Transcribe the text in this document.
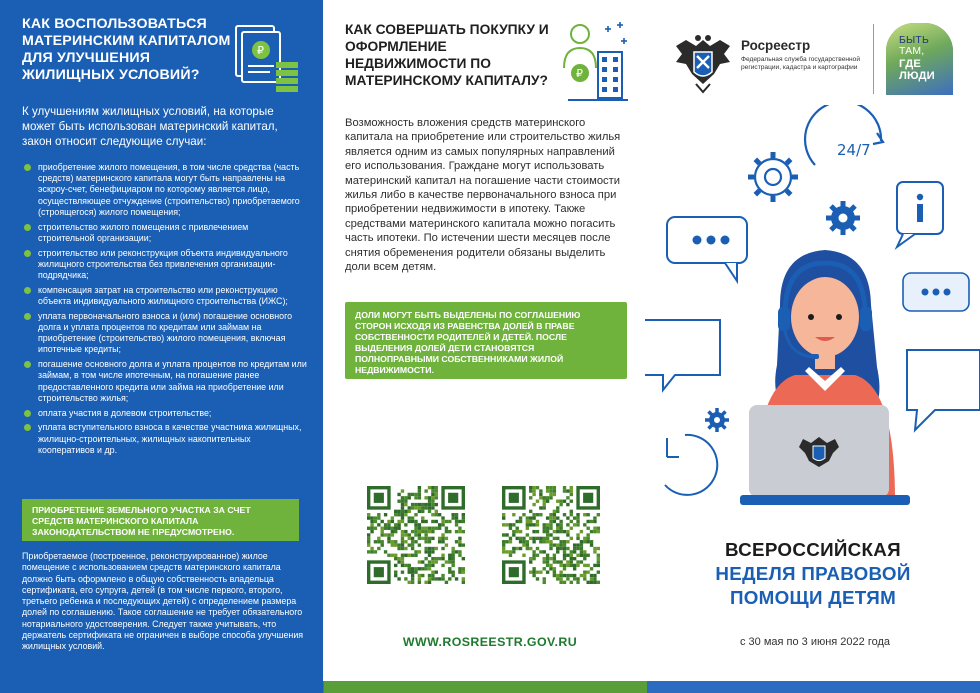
КАК ВОСПОЛЬЗОВАТЬСЯ МАТЕРИНСКИМ КАПИТАЛОМ ДЛЯ УЛУЧШЕНИЯ ЖИЛИЩНЫХ УСЛОВИЙ?
₽
К улучшениям жилищных условий, на которые может быть использован материнский капитал, закон относит следующие случаи:
приобретение жилого помещения, в том числе средства (часть средств) материнского капитала могут быть направлены на эскроу-счет, бенефициаром по которому является лицо, осуществляющее отчуждение (строительство) приобретаемого (строящегося) жилого помещения;
строительство жилого помещения с привлечением строительной организации;
строительство или реконструкция объекта индивидуального жилищного строительства без привлечения организации-подрядчика;
компенсация затрат на строительство или реконструкцию объекта индивидуального жилищного строительства (ИЖС);
уплата первоначального взноса и (или) погашение основного долга и уплата процентов по кредитам или займам на приобретение (строительство) жилого помещения, включая ипотечные кредиты;
погашение основного долга и уплата процентов по кредитам или займам, в том числе ипотечным, на погашение ранее предоставленного кредита или займа на приобретение или строительство жилья;
оплата участия в долевом строительстве;
уплата вступительного взноса в качестве участника жилищных, жилищно-строительных, жилищных накопительных кооперативов и др.
ПРИОБРЕТЕНИЕ ЗЕМЕЛЬНОГО УЧАСТКА ЗА СЧЕТ СРЕДСТВ МАТЕРИНСКОГО КАПИТАЛА ЗАКОНОДАТЕЛЬСТВОМ НЕ ПРЕДУСМОТРЕНО.
Приобретаемое (построенное, реконструированное) жилое помещение с использованием средств материнского капитала должно быть оформлено в общую собственность владельца сертификата, его супруга, детей (в том числе первого, второго, третьего ребенка и последующих детей) с определением размера долей по соглашению. Такое соглашение не требует обязательного нотариального удостоверения. Следует также учитывать, что держатель сертификата не ограничен в выборе способа улучшения жилищных условий.
КАК СОВЕРШАТЬ ПОКУПКУ И ОФОРМЛЕНИЕ НЕДВИЖИМОСТИ ПО МАТЕРИНСКОМУ КАПИТАЛУ?	₽
Возможность вложения средств материнского капитала на приобретение или строительство жилья является одним из самых популярных направлений его использования. Граждане могут использовать материнский капитал на погашение части стоимости жилья либо в качестве первоначального взноса при приобретении недвижимости в ипотеку. Также средствами материнского капитала можно погасить часть ипотеки. По истечении шести месяцев после снятия обременения родители обязаны выделить доли всем детям.
ДОЛИ МОГУТ БЫТЬ ВЫДЕЛЕНЫ ПО СОГЛАШЕНИЮ СТОРОН ИСХОДЯ ИЗ РАВЕНСТВА ДОЛЕЙ В ПРАВЕ СОБСТВЕННОСТИ РОДИТЕЛЕЙ И ДЕТЕЙ. ПОСЛЕ ВЫДЕЛЕНИЯ ДОЛЕЙ ДЕТИ СТАНОВЯТСЯ ПОЛНОПРАВНЫМИ СОБСТВЕННИКАМИ ЖИЛОЙ НЕДВИЖИМОСТИ.
WWW.ROSREESTR.GOV.RU
Росреестр
Федеральная служба государственной регистрации, кадастра и картографии
БЫТЬ
ТАМ,
ГДЕ
ЛЮДИ
24/7
ВСЕРОССИЙСКАЯ
НЕДЕЛЯ ПРАВОВОЙ
ПОМОЩИ ДЕТЯМ
с 30 мая по 3 июня 2022 года
